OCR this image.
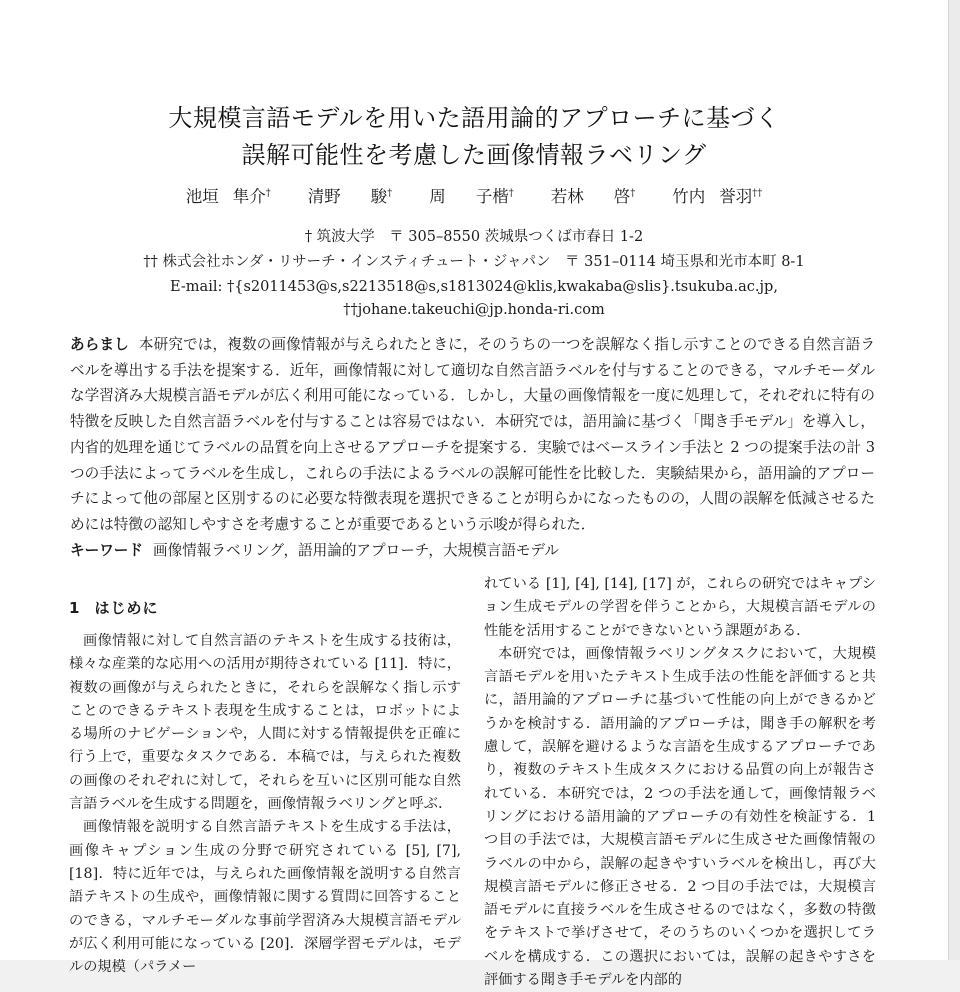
大規模言語モデルを用いた語用論的アプローチに基づく
誤解可能性を考慮した画像情報ラベリング
池垣 隼介† 清野 駿† 周 子楷† 若林 啓† 竹内 誉羽††
† 筑波大学　〒 305–8550 茨城県つくば市春日 1-2
†† 株式会社ホンダ・リサーチ・インスティチュート・ジャパン　〒 351–0114 埼玉県和光市本町 8-1
E-mail: †{s2011453@s,s2213518@s,s1813024@klis,kwakaba@slis}.tsukuba.ac.jp,
††johane.takeuchi@jp.honda-ri.com

あらまし 本研究では，複数の画像情報が与えられたときに，そのうちの一つを誤解なく指し示すことのできる自然言語ラベルを導出する手法を提案する．近年，画像情報に対して適切な自然言語ラベルを付与することのできる，マルチモーダルな学習済み大規模言語モデルが広く利用可能になっている．しかし，大量の画像情報を一度に処理して，それぞれに特有の特徴を反映した自然言語ラベルを付与することは容易ではない．本研究では，語用論に基づく「聞き手モデル」を導入し，内省的処理を通じてラベルの品質を向上させるアプローチを提案する．実験ではベースライン手法と 2 つの提案手法の計 3 つの手法によってラベルを生成し，これらの手法によるラベルの誤解可能性を比較した．実験結果から，語用論的アプローチによって他の部屋と区別するのに必要な特徴表現を選択できることが明らかになったものの，人間の誤解を低減させるためには特徴の認知しやすさを考慮することが重要であるという示唆が得られた．

キーワード 画像情報ラベリング，語用論的アプローチ，大規模言語モデル

1 はじめに

画像情報に対して自然言語のテキストを生成する技術は，様々な産業的な応用への活用が期待されている [11]．特に，複数の画像が与えられたときに，それらを誤解なく指し示すことのできるテキスト表現を生成することは，ロボットによる場所のナビゲーションや，人間に対する情報提供を正確に行う上で，重要なタスクである．本稿では，与えられた複数の画像のそれぞれに対して，それらを互いに区別可能な自然言語ラベルを生成する問題を，画像情報ラベリングと呼ぶ．

画像情報を説明する自然言語テキストを生成する手法は，画像キャプション生成の分野で研究されている [5], [7], [18]．特に近年では，与えられた画像情報を説明する自然言語テキストの生成や，画像情報に関する質問に回答することのできる，マルチモーダルな事前学習済み大規模言語モデルが広く利用可能になっている [20]．深層学習モデルは，モデルの規模（パラメー

れている [1], [4], [14], [17] が，これらの研究ではキャプション生成モデルの学習を伴うことから，大規模言語モデルの性能を活用することができないという課題がある．

本研究では，画像情報ラベリングタスクにおいて，大規模言語モデルを用いたテキスト生成手法の性能を評価すると共に，語用論的アプローチに基づいて性能の向上ができるかどうかを検討する．語用論的アプローチは，聞き手の解釈を考慮して，誤解を避けるような言語を生成するアプローチであり，複数のテキスト生成タスクにおける品質の向上が報告されている．本研究では，2 つの手法を通して，画像情報ラベリングにおける語用論的アプローチの有効性を検証する．1 つ目の手法では，大規模言語モデルに生成させた画像情報のラベルの中から，誤解の起きやすいラベルを検出し，再び大規模言語モデルに修正させる．2 つ目の手法では，大規模言語モデルに直接ラベルを生成させるのではなく，多数の特徴をテキストで挙げさせて，そのうちのいくつかを選択してラベルを構成する．この選択においては，誤解の起きやすさを評価する聞き手モデルを内部的
